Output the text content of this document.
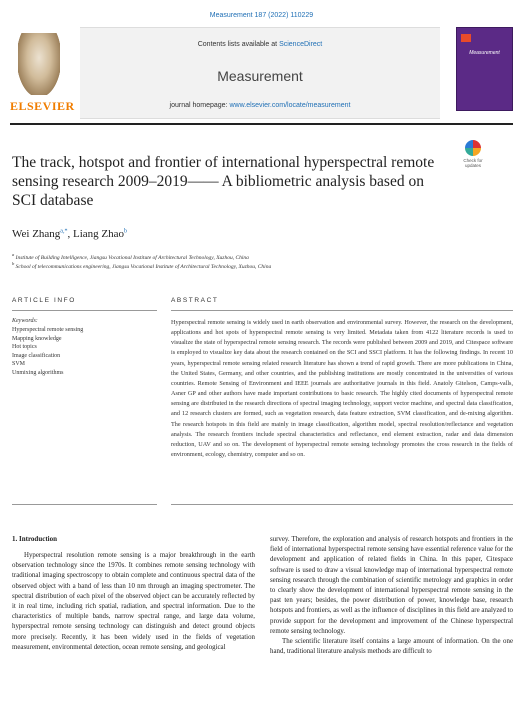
Measurement 187 (2022) 110229
ELSEVIER
Contents lists available at ScienceDirect
Measurement
journal homepage: www.elsevier.com/locate/measurement
Measurement
Check for updates
The track, hotspot and frontier of international hyperspectral remote sensing research 2009–2019—— A bibliometric analysis based on SCI database
Wei Zhang$^{a,*}$, Liang Zhao$^b$
$^a$ Institute of Building Intelligence, Jiangsu Vocational Institute of Architectural Technology, Xuzhou, China
$^b$ School of telecommunications engineering, Jiangsu Vocational Institute of Architectural Technology, Xuzhou, China
ARTICLE INFO	ABSTRACT
Keywords:
Hyperspectral remote sensing
Mapping knowledge
Hot topics
Image classification
SVM
Unmixing algorithms
Hyperspectral remote sensing is widely used in earth observation and environmental survey. However, the research on the development, applications and hot spots of hyperspectral remote sensing is very limited. Metadata taken from 4122 literature records is used to visualize the state of hyperspectral remote sensing research. The records were published between 2009 and 2019, and Citespace software is employed to visualize key data about the research contained on the SCI and SSCI platform. It has the following findings. In recent 10 years, hyperspectral remote sensing related research literature has shown a trend of rapid growth. There are more publications in China, the United States, Germany, and other countries, and the publishing institutions are mostly concentrated in the universities of various countries. Remote Sensing of Environment and IEEE journals are authoritative journals in this field. Anatoly Gitelson, Camps-valls, Asner GP and other authors have made important contributions to basic research. The highly cited documents of hyperspectral remote sensing are distributed in the research directions of spectral imaging technology, support vector machine, and spectral data classification, and 12 research clusters are formed, such as vegetation research, data feature extraction, SVM classification, and de-mixing algorithm. The research hotspots in this field are mainly in image classification, algorithm model, spectral resolution/reflectance and vegetation analysis. The research frontiers include spectral characteristics and reflectance, end element extraction, radar and data dimension reduction, UAV and so on. The development of hyperspectral remote sensing technology promotes the cross research in the fields of environment, ecology, chemistry, computer and so on.
1. Introduction

Hyperspectral resolution remote sensing is a major breakthrough in the earth observation technology since the 1970s. It combines remote sensing technology with traditional imaging spectroscopy to obtain complete and continuous spectral data of the observed object with a band of less than 10 nm through an imaging spectrometer. The spectral distribution of each pixel of the observed object can be accurately reflected by it in real time, including rich spatial, radiation, and spectral information. Due to the characteristics of multiple bands, narrow spectral range, and large data volume, hyperspectral remote sensing technology can distinguish and detect ground objects more precisely. Recently, it has been widely used in the fields of vegetation measurement, environmental detection, ocean remote sensing, and geological

survey. Therefore, the exploration and analysis of research hotspots and frontiers in the field of international hyperspectral remote sensing have essential reference value for the development and application of related fields in China. In this paper, Citespace software is used to draw a visual knowledge map of international hyperspectral remote sensing research through the combination of scientific metrology and graphics in order to clearly show the development of international hyperspectral remote sensing in the past ten years; besides, the power distribution of power, knowledge base, research hotspots and frontiers, as well as the influence of disciplines in this field are analyzed to provide support for the development and improvement of the Chinese hyperspectral remote sensing technology.

The scientific literature itself contains a large amount of information. On the one hand, traditional literature analysis methods are difficult to
